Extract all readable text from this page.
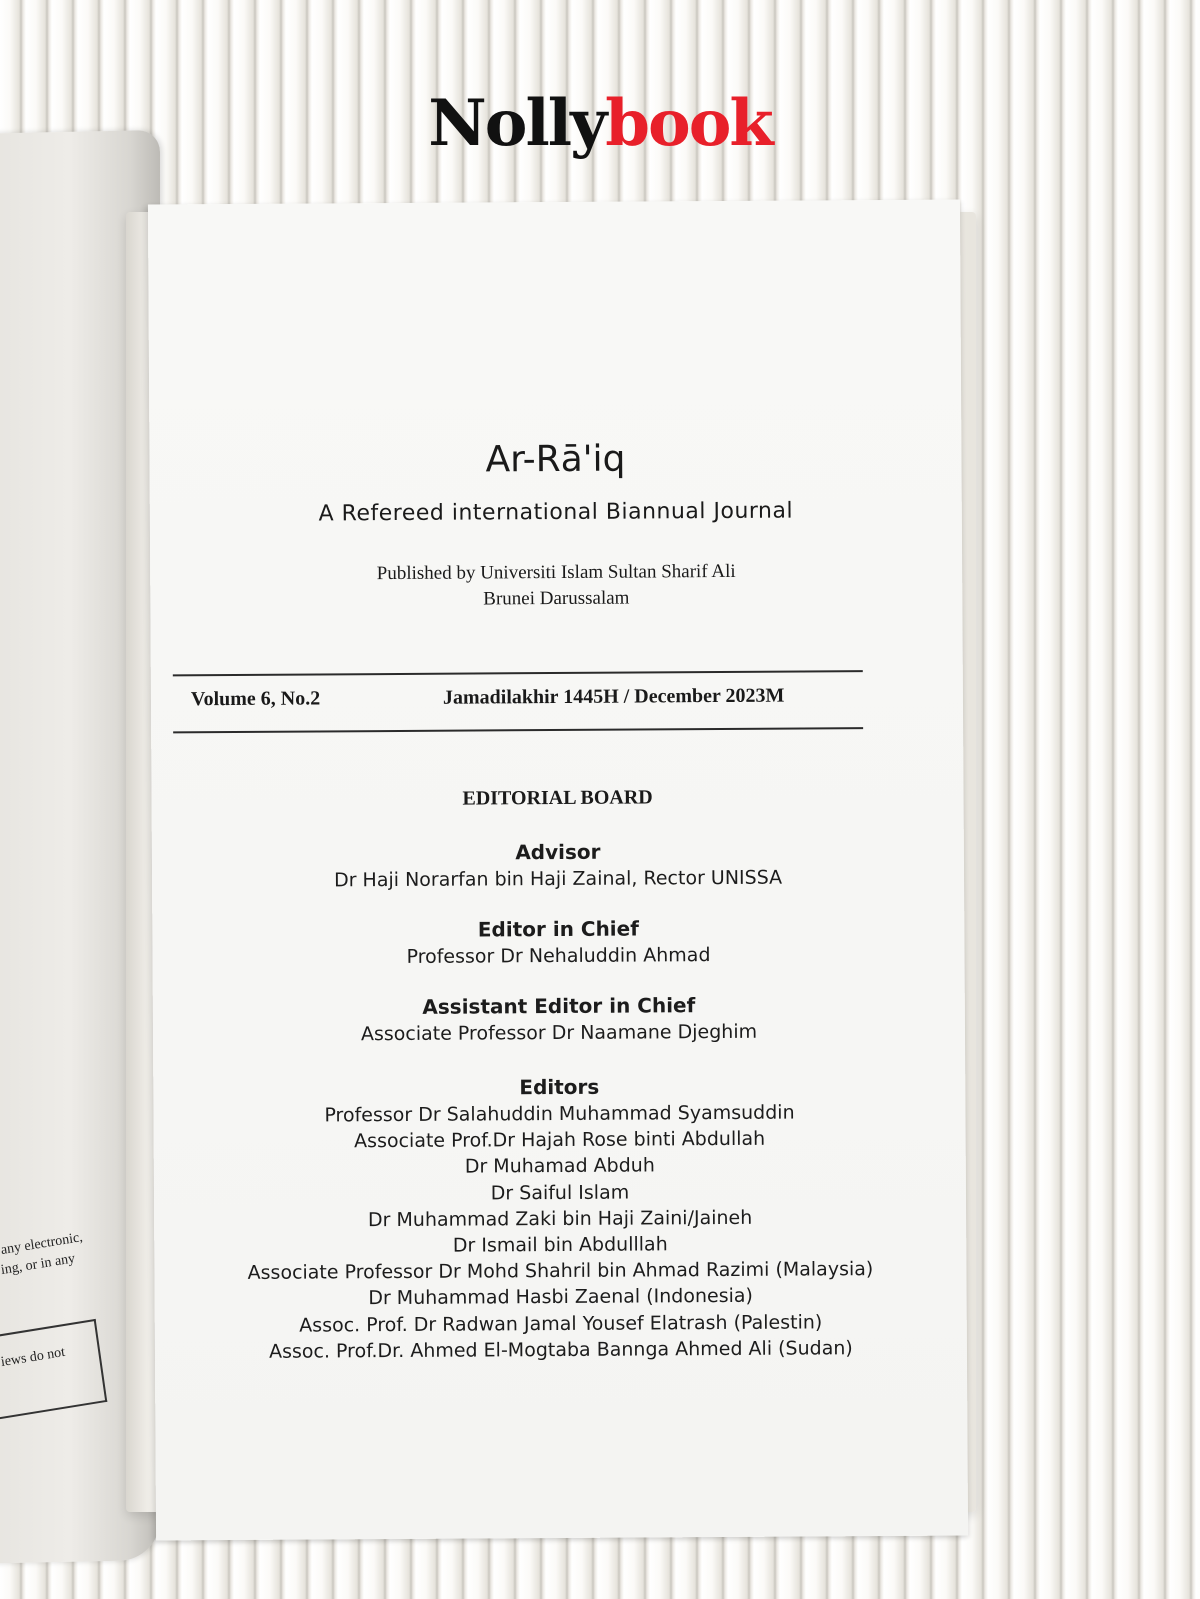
Nollybook
any electronic,
ing, or in any
iews do not
Ar-Rā'iq
A Refereed international Biannual Journal
Published by Universiti Islam Sultan Sharif Ali
Brunei Darussalam
Volume 6, No.2	Jamadilakhir 1445H / December 2023M
EDITORIAL BOARD
Advisor
Dr Haji Norarfan bin Haji Zainal, Rector UNISSA
Editor in Chief
Professor Dr Nehaluddin Ahmad
Assistant Editor in Chief
Associate Professor Dr Naamane Djeghim
Editors
Professor Dr Salahuddin Muhammad Syamsuddin
Associate Prof.Dr Hajah Rose binti Abdullah
Dr Muhamad Abduh
Dr Saiful Islam
Dr Muhammad Zaki bin Haji Zaini/Jaineh
Dr Ismail bin Abdulllah
Associate Professor Dr Mohd Shahril bin Ahmad Razimi (Malaysia)
Dr Muhammad Hasbi Zaenal (Indonesia)
Assoc. Prof. Dr Radwan Jamal Yousef Elatrash (Palestin)
Assoc. Prof.Dr. Ahmed El-Mogtaba Bannga Ahmed Ali (Sudan)
